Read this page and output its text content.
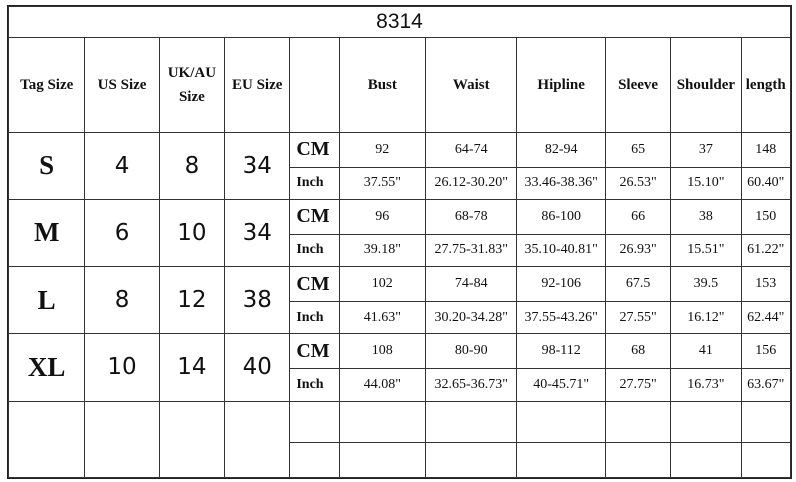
8314										
Tag Size	US Size	UK/AU Size	EU Size		Bust	Waist	Hipline	Sleeve	Shoulder	length
S	4	8	34	CM	92	64-74	82-94	65	37	148
				Inch	37.55"	26.12-30.20"	33.46-38.36"	26.53"	15.10"	60.40"
M	6	10	34	CM	96	68-78	86-100	66	38	150
				Inch	39.18"	27.75-31.83"	35.10-40.81"	26.93"	15.51"	61.22"
L	8	12	38	CM	102	74-84	92-106	67.5	39.5	153
				Inch	41.63"	30.20-34.28"	37.55-43.26"	27.55"	16.12"	62.44"
XL	10	14	40	CM	108	80-90	98-112	68	41	156
				Inch	44.08"	32.65-36.73"	40-45.71"	27.75"	16.73"	63.67"
